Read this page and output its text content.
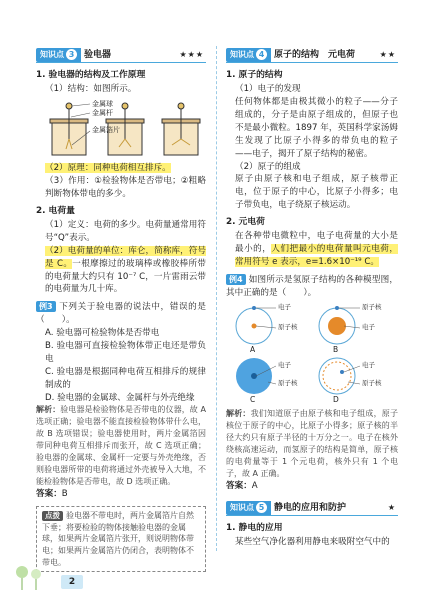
知识点 3	验电器	★★★
1. 验电器的结构及工作原理
（1）结构：如图所示。
金属球
金属杆
金属箔片
（2）原理：同种电荷相互排斥。
（3）作用：①检验物体是否带电；②粗略判断物体带电的多少。
2. 电荷量
（1）定义：电荷的多少。电荷量通常用符号“Q”表示。
（2）电荷量的单位：库仑，简称库，符号是 C。一根摩擦过的玻璃棒或橡胶棒所带的电荷量大约只有 10⁻⁷ C，一片雷雨云带的电荷量为几十库。
例3 下列关于验电器的说法中，错误的是（　　）。
A. 验电器可检验物体是否带电
B. 验电器可直接检验物体带正电还是带负电
C. 验电器是根据同种电荷互相排斥的规律制成的
D. 验电器的金属球、金属杆与外壳绝缘
解析：验电器是检验物体是否带电的仪器，故 A 选项正确；验电器不能直接检验物体带什么电，故 B 选项错误；验电器使用时，两片金属箔因带同种电荷互相排斥而张开，故 C 选项正确；验电器的金属球、金属杆一定要与外壳绝缘，否则验电器所带的电荷将通过外壳被导入大地，不能检验物体是否带电，故 D 选项正确。
答案：B
点拨 验电器不带电时，两片金属箔片自然下垂；将要检验的物体接触验电器的金属球，如果两片金属箔片张开，则说明物体带电；如果两片金属箔片仍闭合，表明物体不带电。
知识点 4	原子的结构　元电荷	★★
1. 原子的结构
（1）电子的发现
任何物体都是由极其微小的粒子——分子组成的，分子是由原子组成的，但原子也不是最小微粒。1897 年，英国科学家汤姆生发现了比原子小得多的带负电的粒子——电子，揭开了原子结构的秘密。
（2）原子的组成
原子由原子核和电子组成，原子核带正电，位于原子的中心，比原子小得多；电子带负电，电子绕原子核运动。
2. 元电荷
在各种带电微粒中，电子电荷量的大小是最小的，人们把最小的电荷量叫元电荷，常用符号 e 表示，e=1.6×10⁻¹⁹ C。
例4 如图所示是氢原子结构的各种模型图，其中正确的是（　　）。
电子
原子核
原子核
电子
电子
原子核
电子
原子核
A	B
C	D
解析：我们知道原子由原子核和电子组成，原子核位于原子的中心，比原子小得多；原子核的半径大约只有原子半径的十万分之一。电子在核外绕核高速运动，而氢原子的结构是简单，原子核的电荷量等于 1 个元电荷，核外只有 1 个电子，故 A 正确。
答案：A
知识点 5	静电的应用和防护	★
1. 静电的应用
某些空气净化器利用静电来吸附空气中的
2
